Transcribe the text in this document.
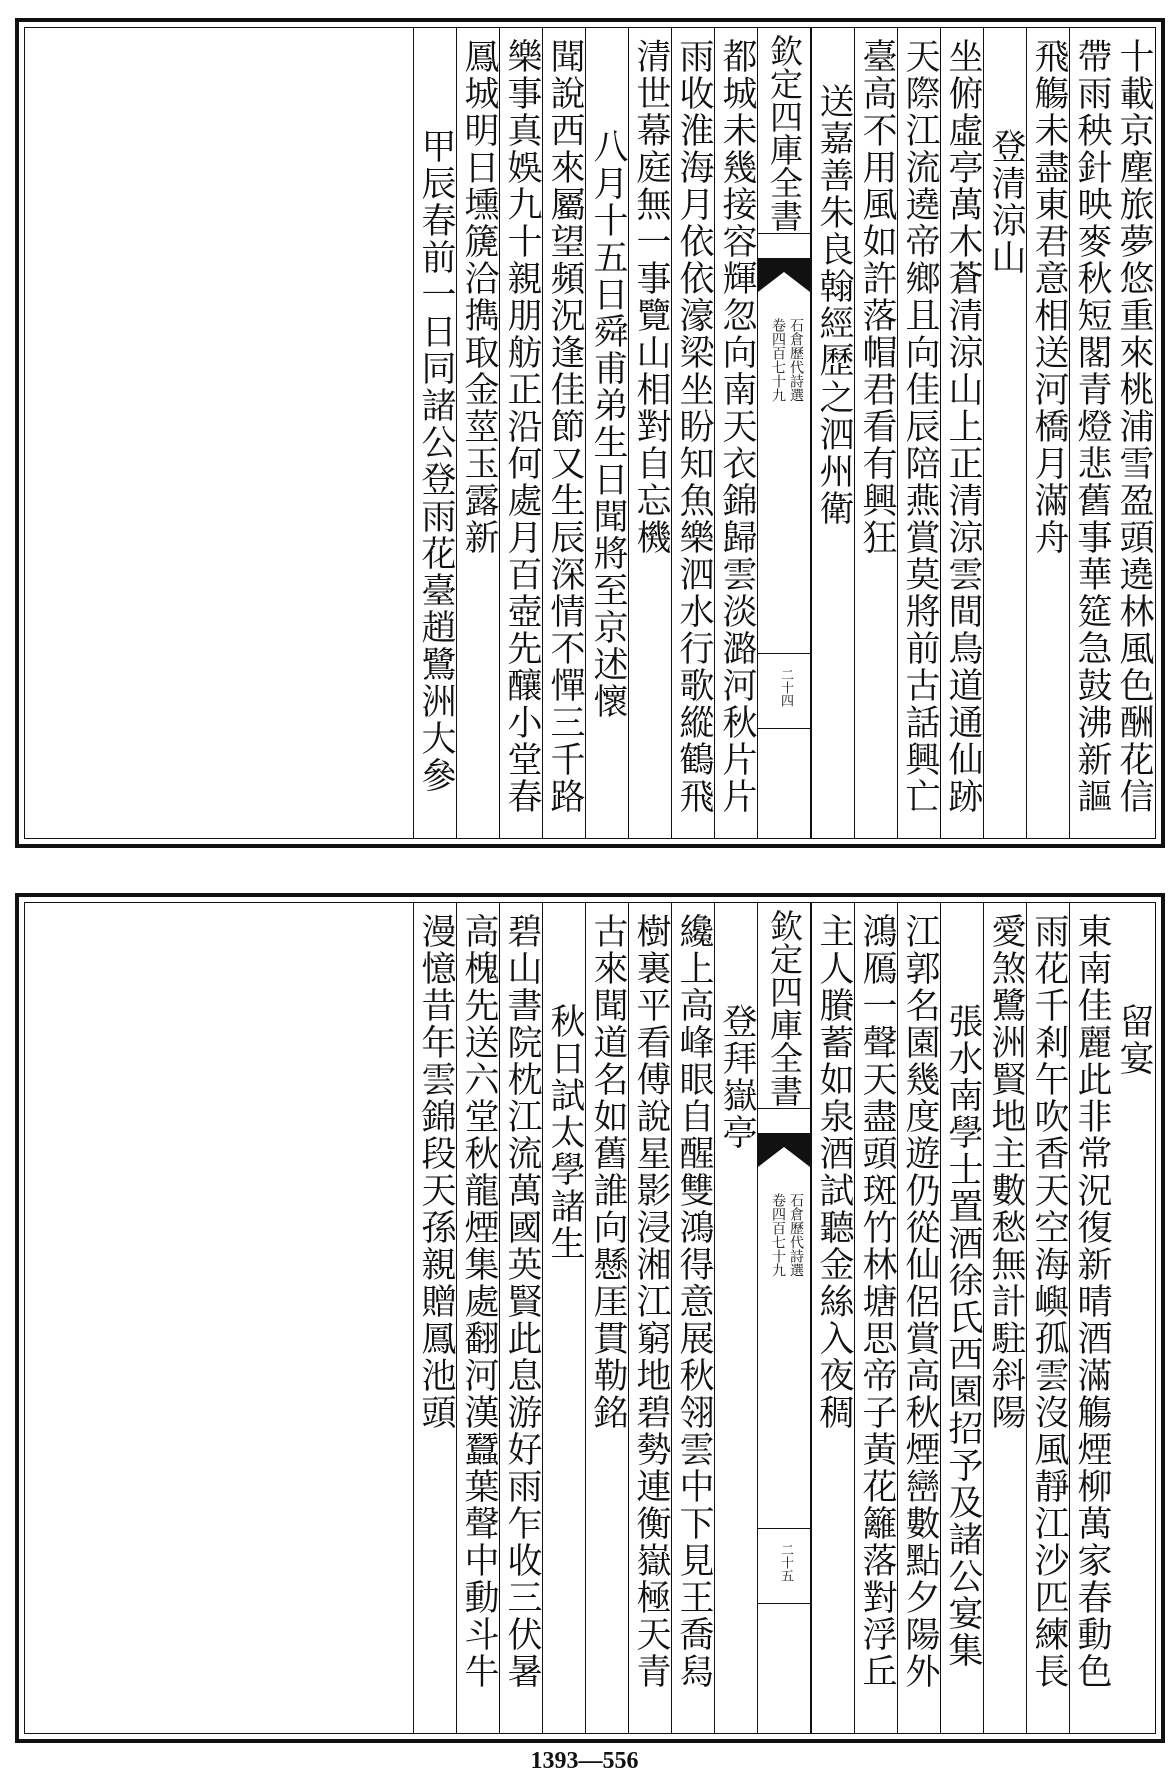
十載京塵旅夢悠重來桃浦雪盈頭遶林風色酬花信
帶雨秧針映麥秋短閣青燈悲舊事華筵急鼓沸新謳
飛觴未盡東君意相送河橋月滿舟
登清涼山
坐俯虛亭萬木蒼清涼山上正清涼雲間鳥道通仙跡
天際江流遶帝鄉且向佳辰陪燕賞莫將前古話興亡
臺高不用風如許落帽君看有興狂
送嘉善朱良翰經歷之泗州衛
欽定四庫全書
石倉歷代詩選
卷四百七十九
二十四
都城未幾接容輝忽向南天衣錦歸雲淡潞河秋片片
雨收淮海月依依濠梁坐盼知魚樂泗水行歌縱鶴飛
清世幕庭無一事覽山相對自忘機
八月十五日舜甫弟生日聞將至京述懷
聞說西來屬望頻況逢佳節又生辰深情不憚三千路
樂事真娛九十親朋舫正沿何處月百壺先釀小堂春
鳳城明日壎篪洽擕取金莖玉露新
甲辰春前一日同諸公登雨花臺趙鷺洲大參
留宴
東南佳麗此非常況復新晴酒滿觴煙柳萬家春動色
雨花千剎午吹香天空海嶼孤雲沒風靜江沙匹練長
愛煞鷺洲賢地主數愁無計駐斜陽
張水南學士置酒徐氏西園招予及諸公宴集
江郭名園幾度遊仍從仙侶賞高秋煙巒數點夕陽外
鴻鴈一聲天盡頭斑竹林塘思帝子黃花籬落對浮丘
主人賸蓄如泉酒試聽金絲入夜稠
欽定四庫全書
石倉歷代詩選
卷四百七十九
二十五
登拜嶽亭
纔上高峰眼自醒雙鴻得意展秋翎雲中下見王喬舄
樹裏平看傅說星影浸湘江窮地碧勢連衡嶽極天青
古來聞道名如舊誰向懸厓貫勒銘
秋日試太學諸生
碧山書院枕江流萬國英賢此息游好雨乍收三伏暑
高槐先送六堂秋龍煙集處翻河漢蠶葉聲中動斗牛
漫憶昔年雲錦段天孫親贈鳳池頭
1393—556
